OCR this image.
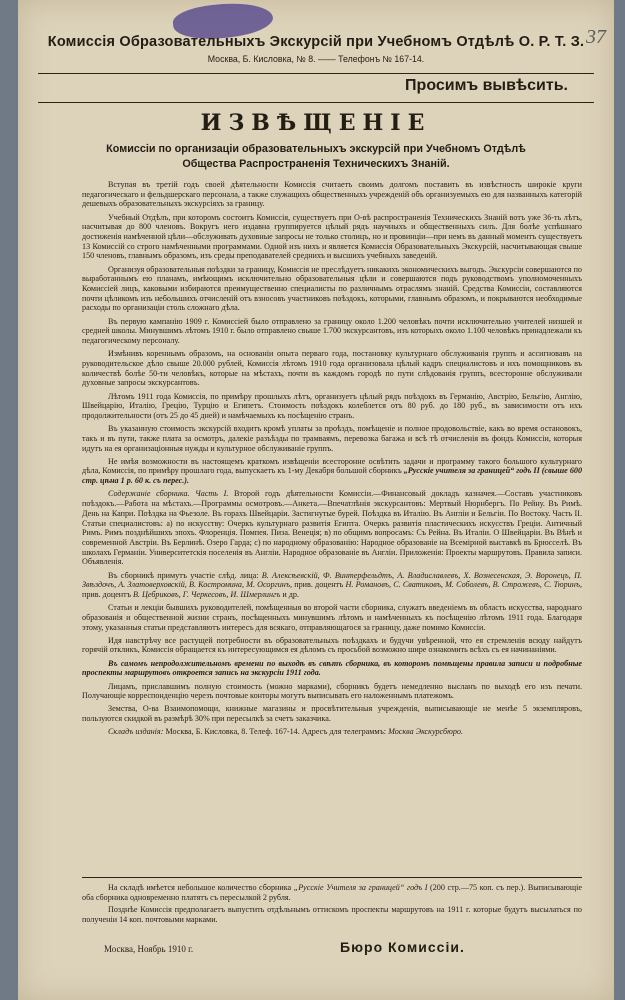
37
Комиссія Образовательныхъ Экскурсій при Учебномъ Отдѣлѣ О. Р. Т. З.
Москва, Б. Кисловка, № 8. —— Телефонъ № 167-14.
Просимъ вывѣсить.
ИЗВѢЩЕНІЕ
Комиссіи по организаціи образовательныхъ экскурсій при Учебномъ Отдѣлѣ
Общества Распространенія Техническихъ Знаній.

Вступая въ третій годъ своей дѣятельности Комиссія считаетъ своимъ долгомъ поставить въ извѣстность широкіе круги педагогическаго и фельдшерскаго персонала, а также служащихъ общественныхъ учрежденій объ организуемыхъ ею для названныхъ категорій дешевыхъ образовательныхъ экскурсіяхъ за границу.

Учебный Отдѣлъ, при которомъ состоитъ Комиссія, существуетъ при О-вѣ распространенія Техническихъ Знаній вотъ уже 36-ть лѣтъ, насчитывая до 800 членовъ. Вокругъ него издавна группируется цѣлый рядъ научныхъ и общественныхъ силъ. Для болѣе успѣшнаго достиженія намѣченной цѣли—обслуживать духовные запросы не только столицъ, но и провинціи—при немъ въ данный моментъ существуетъ 13 Комиссій со строго намѣченными программами. Одной изъ нихъ и является Комиссія Образовательныхъ Экскурсій, насчитывающая свыше 150 членовъ, главнымъ образомъ, изъ среды преподавателей среднихъ и высшихъ учебныхъ заведеній.

Организуя образовательныя поѣздки за границу, Комиссія не преслѣдуетъ никакихъ экономическихъ выгодъ. Экскурсіи совершаются по выработаннымъ ею планамъ, имѣющимъ исключительно образовательныя цѣли и совершаются подъ руководствомъ уполномоченныхъ Комиссіей лицъ, каковыми избираются преимущественно специалисты по различнымъ отраслямъ знаній. Средства Комиссіи, составляются почти цѣликомъ изъ небольшихъ отчисленій отъ взносовъ участниковъ поѣздокъ, которыми, главнымъ образомъ, и покрываются необходимые расходы по организаціи столь сложнаго дѣла.

Въ первую кампанію 1909 г. Комиссіей было отправлено за границу около 1.200 человѣкъ почти исключительно учителей низшей и средней школы. Минувшимъ лѣтомъ 1910 г. было отправлено свыше 1.700 экскурсантовъ, изъ которыхъ около 1.100 человѣкъ принадлежали къ педагогическому персоналу.

Измѣнивъ кореннымъ образомъ, на основаніи опыта перваго года, постановку культурнаго обслуживанія группъ и ассигновавъ на руководительское дѣло свыше 20.000 рублей, Комиссія лѣтомъ 1910 года организовала цѣлый кадръ специалистовъ и ихъ помощниковъ въ количествѣ болѣе 50-ти человѣкъ, которые на мѣстахъ, почти въ каждомъ городѣ по пути слѣдованія группъ, всесторонне обслуживали духовные запросы экскурсантовъ.

Лѣтомъ 1911 года Комиссія, по примѣру прошлыхъ лѣтъ, организуетъ цѣлый рядъ поѣздокъ въ Германію, Австрію, Бельгію, Англію, Швейцарію, Италію, Грецію, Турцію и Египетъ. Стоимость поѣздокъ колеблется отъ 80 руб. до 180 руб., въ зависимости отъ ихъ продолжительности (отъ 25 до 45 дней) и намѣчаемыхъ къ посѣщенію странъ.

Въ указанную стоимость экскурсій входитъ кромѣ уплаты за проѣздъ, помѣщеніе и полное продовольствіе, какъ во время остановокъ, такъ и въ пути, также плата за осмотръ, далекіе разъѣзды по трамваямъ, перевозка багажа и всѣ тѣ отчисленія въ фондъ Комиссіи, которыя идутъ на ея организаціонныя нужды и культурное обслуживаніе группъ.

Не имѣя возможности въ настоящемъ краткомъ извѣщеніи всесторонне освѣтить задачи и программу такого большого культурнаго дѣла, Комиссія, по примѣру прошлаго года, выпускаетъ къ 1-му Декабря большой сборникъ „Русскіе учителя за границей“ годъ II (свыше 600 стр. цѣна 1 р. 60 к. съ перес.).

Содержаніе сборника. Часть I. Второй годъ дѣятельности Комиссіи.—Финансовый докладъ казначея.—Составъ участниковъ поѣздокъ.—Работа на мѣстахъ.—Программы осмотровъ.—Анкета.—Впечатлѣнія экскурсантовъ: Мертвый Нюрнбергъ. По Рейну. Въ Римѣ. День на Капри. Поѣздка на Фьезоле. Въ горахъ Швейцаріи. Застигнутые бурей. Поѣздка въ Италію. Въ Англіи и Бельгіи. По Востоку. Часть II. Статьи специалистовъ: а) по искусству: Очеркъ культурнаго развитія Египта. Очеркъ развитія пластическихъ искусствъ Греціи. Античный Римъ. Римъ позднѣйшихъ эпохъ. Флоренція. Помпея. Пиза. Венеція; в) по общимъ вопросамъ: Съ Рейна. Въ Италіи. О Швейцаріи. Въ Вѣнѣ и современной Австріи. Въ Берлинѣ. Озеро Гарда; с) по народному образованію: Народное образованіе на Всемірной выставкѣ въ Брюсселѣ. Въ школахъ Германіи. Университетскія поселенія въ Англіи. Народное образованіе въ Англіи. Приложенія: Проекты маршрутовъ. Правила записи. Объявленія.

Въ сборникѣ примутъ участіе слѣд. лица: В. Алексѣевскій, Ф. Винтерфельдтъ, А. Владиславлевъ, Х. Вознесенская, Э. Воронецъ, П. Звѣздочъ, А. Златоверховскій, В. Костромина, М. Осоргинъ, прив. доцентъ Н. Романовъ, С. Сватиковъ, М. Соболевъ, В. Строжевъ, С. Тюринъ, прив. доцентъ В. Цебриковъ, Г. Черкесовъ, И. Шмерлингъ и др.

Статьи и лекціи бывшихъ руководителей, помѣщенныя во второй части сборника, служатъ введеніемъ въ область искусства, народнаго образованія и общественной жизни странъ, посѣщенныхъ минувшимъ лѣтомъ и намѣченныхъ къ посѣщенію лѣтомъ 1911 года. Благодаря этому, указанныя статьи представляютъ интересъ для всякаго, отправляющагося за границу, даже помимо Комиссіи.

Идя навстрѣчу все растущей потребности въ образовательныхъ поѣздкахъ и будучи увѣренной, что ея стремленія всюду найдутъ горячій откликъ, Комиссія обращается къ интересующимся ея дѣломъ съ просьбой возможно шире ознакомить всѣхъ съ ея начинаніями.

Въ самомъ непродолжительномъ времени по выходѣ въ свѣтъ сборника, въ которомъ помѣщены правила записи и подробные проспекты маршрутовъ откроется запись на экскурсіи 1911 года.

Лицамъ, приславшимъ полную стоимость (можно марками), сборникъ будетъ немедленно высланъ по выходѣ его изъ печати. Получающіе корреспонденцію черезъ почтовые конторы могутъ выписывать его наложеннымъ платежомъ.

Земства, О-ва Взаимопомощи, книжные магазины и просвѣтительныя учрежденія, выписывающіе не менѣе 5 экземпляровъ, пользуются скидкой въ размѣрѣ 30% при пересылкѣ за счетъ заказчика.

Складъ изданія: Москва, Б. Кисловка, 8. Телеф. 167-14. Адресъ для телеграммъ: Москва Экскурсбюро.

На складѣ имѣется небольшое количество сборника „Русскіе Учителя за границей“ годъ I (200 стр.—75 коп. съ пер.). Выписывающіе оба сборника одновременно платятъ съ пересылкой 2 рубля.

Позднѣе Комиссія предполагаетъ выпустить отдѣльнымъ оттискомъ проспекты маршрутовъ на 1911 г. которые будутъ высылаться по полученіи 14 коп. почтовыми марками.

Москва, Ноябрь 1910 г.	Бюро Комиссіи.
